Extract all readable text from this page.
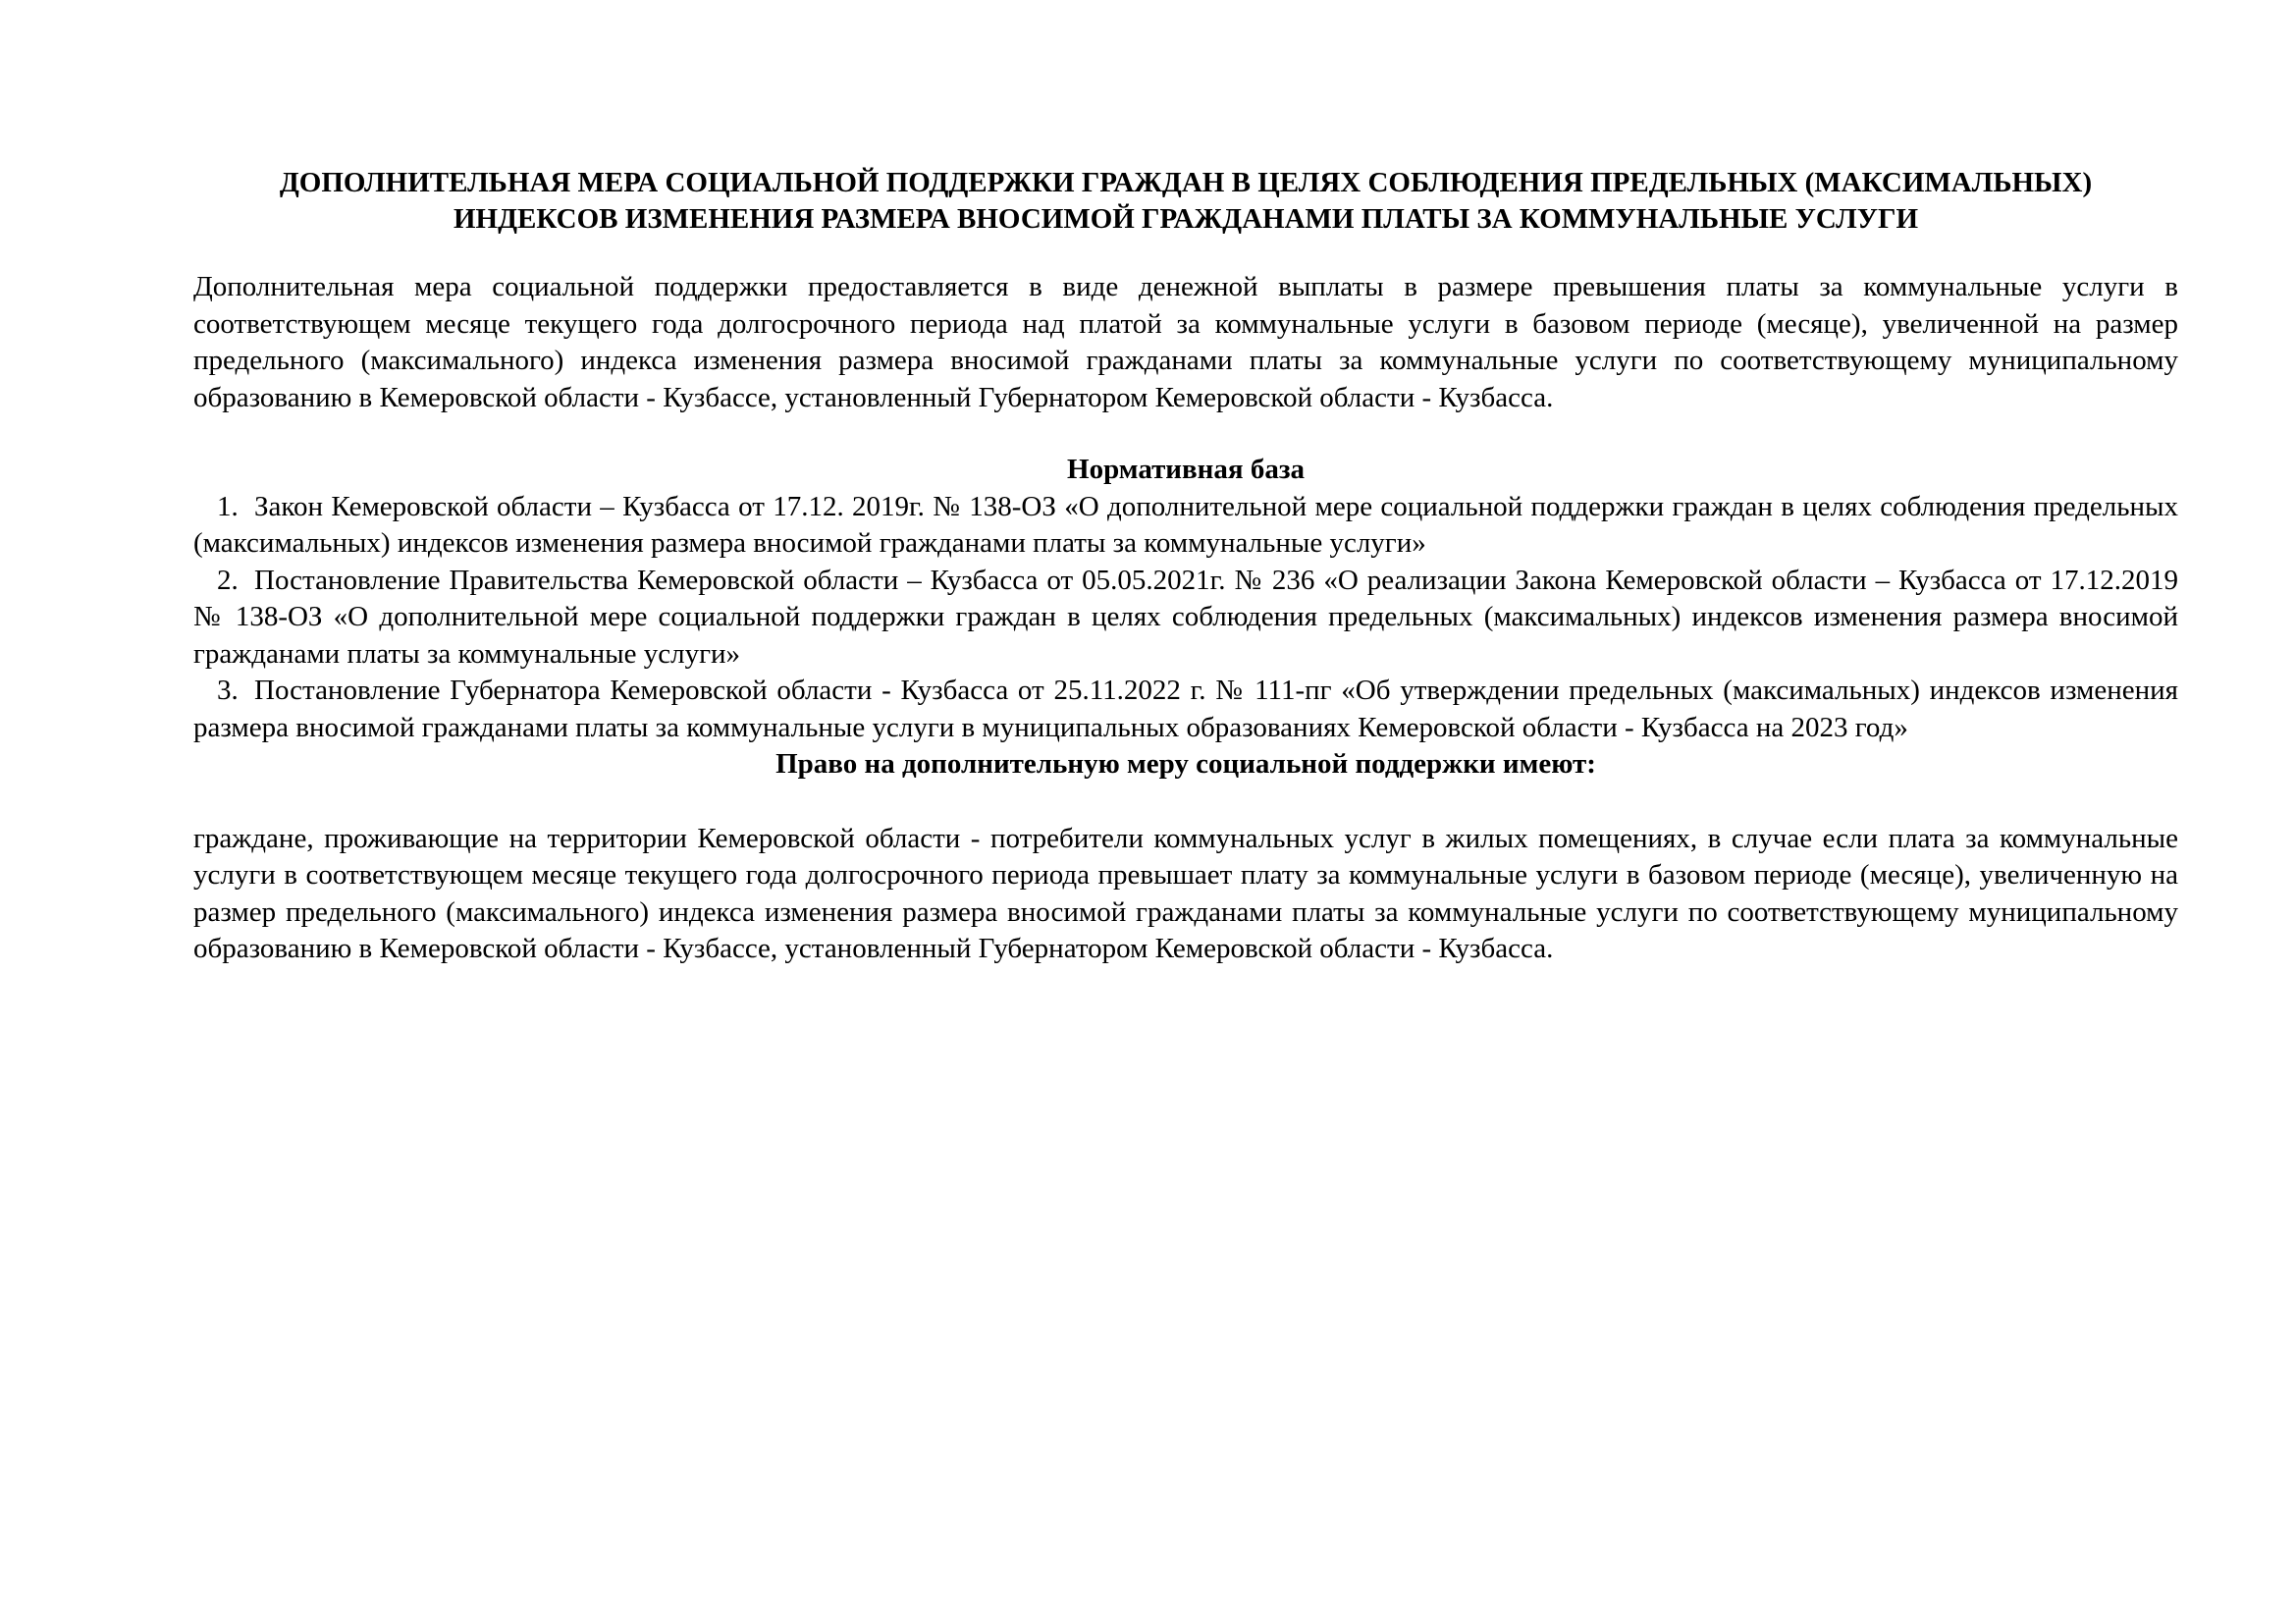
ДОПОЛНИТЕЛЬНАЯ МЕРА СОЦИАЛЬНОЙ ПОДДЕРЖКИ ГРАЖДАН В ЦЕЛЯХ СОБЛЮДЕНИЯ ПРЕДЕЛЬНЫХ (МАКСИМАЛЬНЫХ) ИНДЕКСОВ ИЗМЕНЕНИЯ РАЗМЕРА ВНОСИМОЙ ГРАЖДАНАМИ ПЛАТЫ ЗА КОММУНАЛЬНЫЕ УСЛУГИ

Дополнительная мера социальной поддержки предоставляется в виде денежной выплаты в размере превышения платы за коммунальные услуги в соответствующем месяце текущего года долгосрочного периода над платой за коммунальные услуги в базовом периоде (месяце), увеличенной на размер предельного (максимального) индекса изменения размера вносимой гражданами платы за коммунальные услуги по соответствующему муниципальному образованию в Кемеровской области - Кузбассе, установленный Губернатором Кемеровской области - Кузбасса.

Нормативная база
1. Закон Кемеровской области – Кузбасса от 17.12. 2019г. № 138-ОЗ «О дополнительной мере социальной поддержки граждан в целях соблюдения предельных (максимальных) индексов изменения размера вносимой гражданами платы за коммунальные услуги»
2. Постановление Правительства Кемеровской области – Кузбасса от 05.05.2021г. № 236 «О реализации Закона Кемеровской области – Кузбасса от 17.12.2019 № 138-ОЗ «О дополнительной мере социальной поддержки граждан в целях соблюдения предельных (максимальных) индексов изменения размера вносимой гражданами платы за коммунальные услуги»
3. Постановление Губернатора Кемеровской области - Кузбасса от 25.11.2022 г. № 111-пг «Об утверждении предельных (максимальных) индексов изменения размера вносимой гражданами платы за коммунальные услуги в муниципальных образованиях Кемеровской области - Кузбасса на 2023 год»
Право на дополнительную меру социальной поддержки имеют:

граждане, проживающие на территории Кемеровской области - потребители коммунальных услуг в жилых помещениях, в случае если плата за коммунальные услуги в соответствующем месяце текущего года долгосрочного периода превышает плату за коммунальные услуги в базовом периоде (месяце), увеличенную на размер предельного (максимального) индекса изменения размера вносимой гражданами платы за коммунальные услуги по соответствующему муниципальному образованию в Кемеровской области - Кузбассе, установленный Губернатором Кемеровской области - Кузбасса.
